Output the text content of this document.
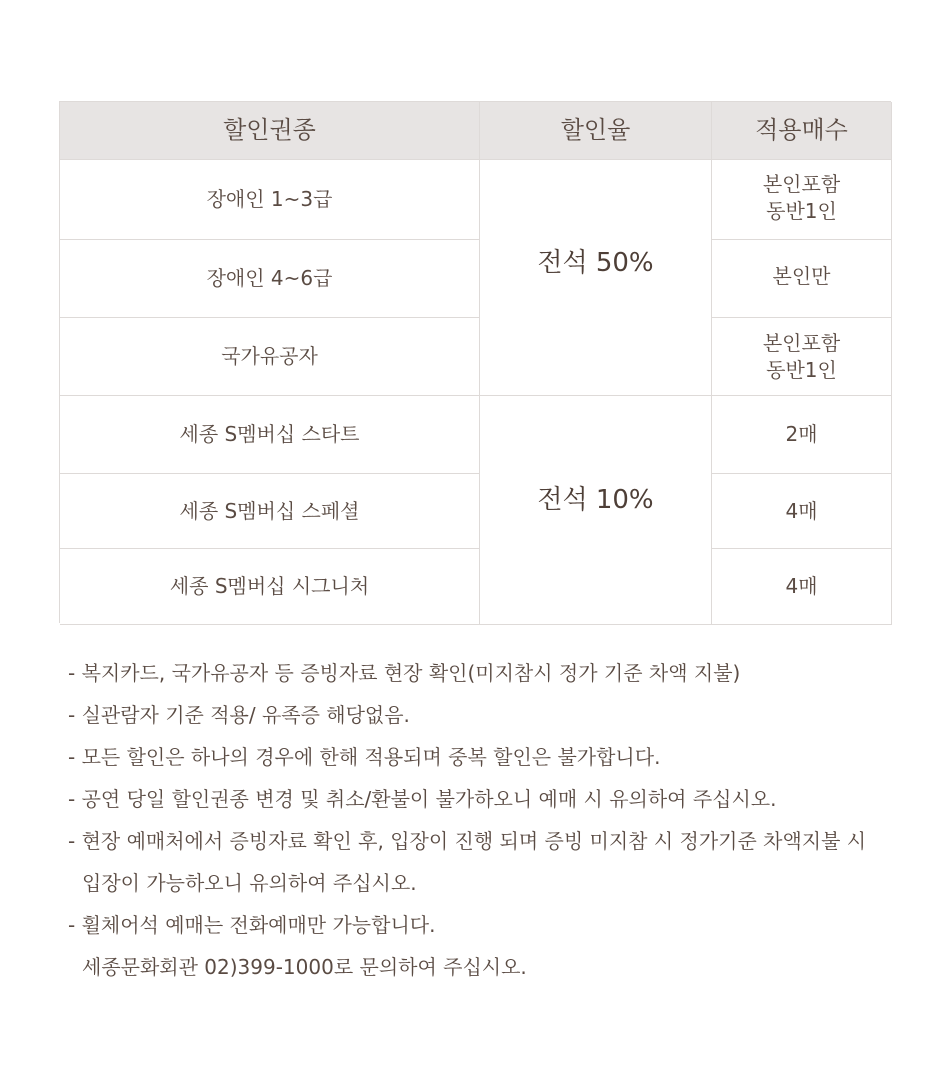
할인권종	할인율	적용매수
장애인 1~3급
장애인 4~6급
국가유공자
세종 S멤버십 스타트
세종 S멤버십 스페셜
세종 S멤버십 시그니처
전석 50%
전석 10%
본인포함
동반1인
본인만
본인포함
동반1인
2매
4매
4매
- 복지카드, 국가유공자 등 증빙자료 현장 확인(미지참시 정가 기준 차액 지불)
- 실관람자 기준 적용/ 유족증 해당없음.
- 모든 할인은 하나의 경우에 한해 적용되며 중복 할인은 불가합니다.
- 공연 당일 할인권종 변경 및 취소/환불이 불가하오니 예매 시 유의하여 주십시오.
- 현장 예매처에서 증빙자료 확인 후, 입장이 진행 되며 증빙 미지참 시 정가기준 차액지불 시
입장이 가능하오니 유의하여 주십시오.
- 휠체어석 예매는 전화예매만 가능합니다.
세종문화회관 02)399-1000로 문의하여 주십시오.
